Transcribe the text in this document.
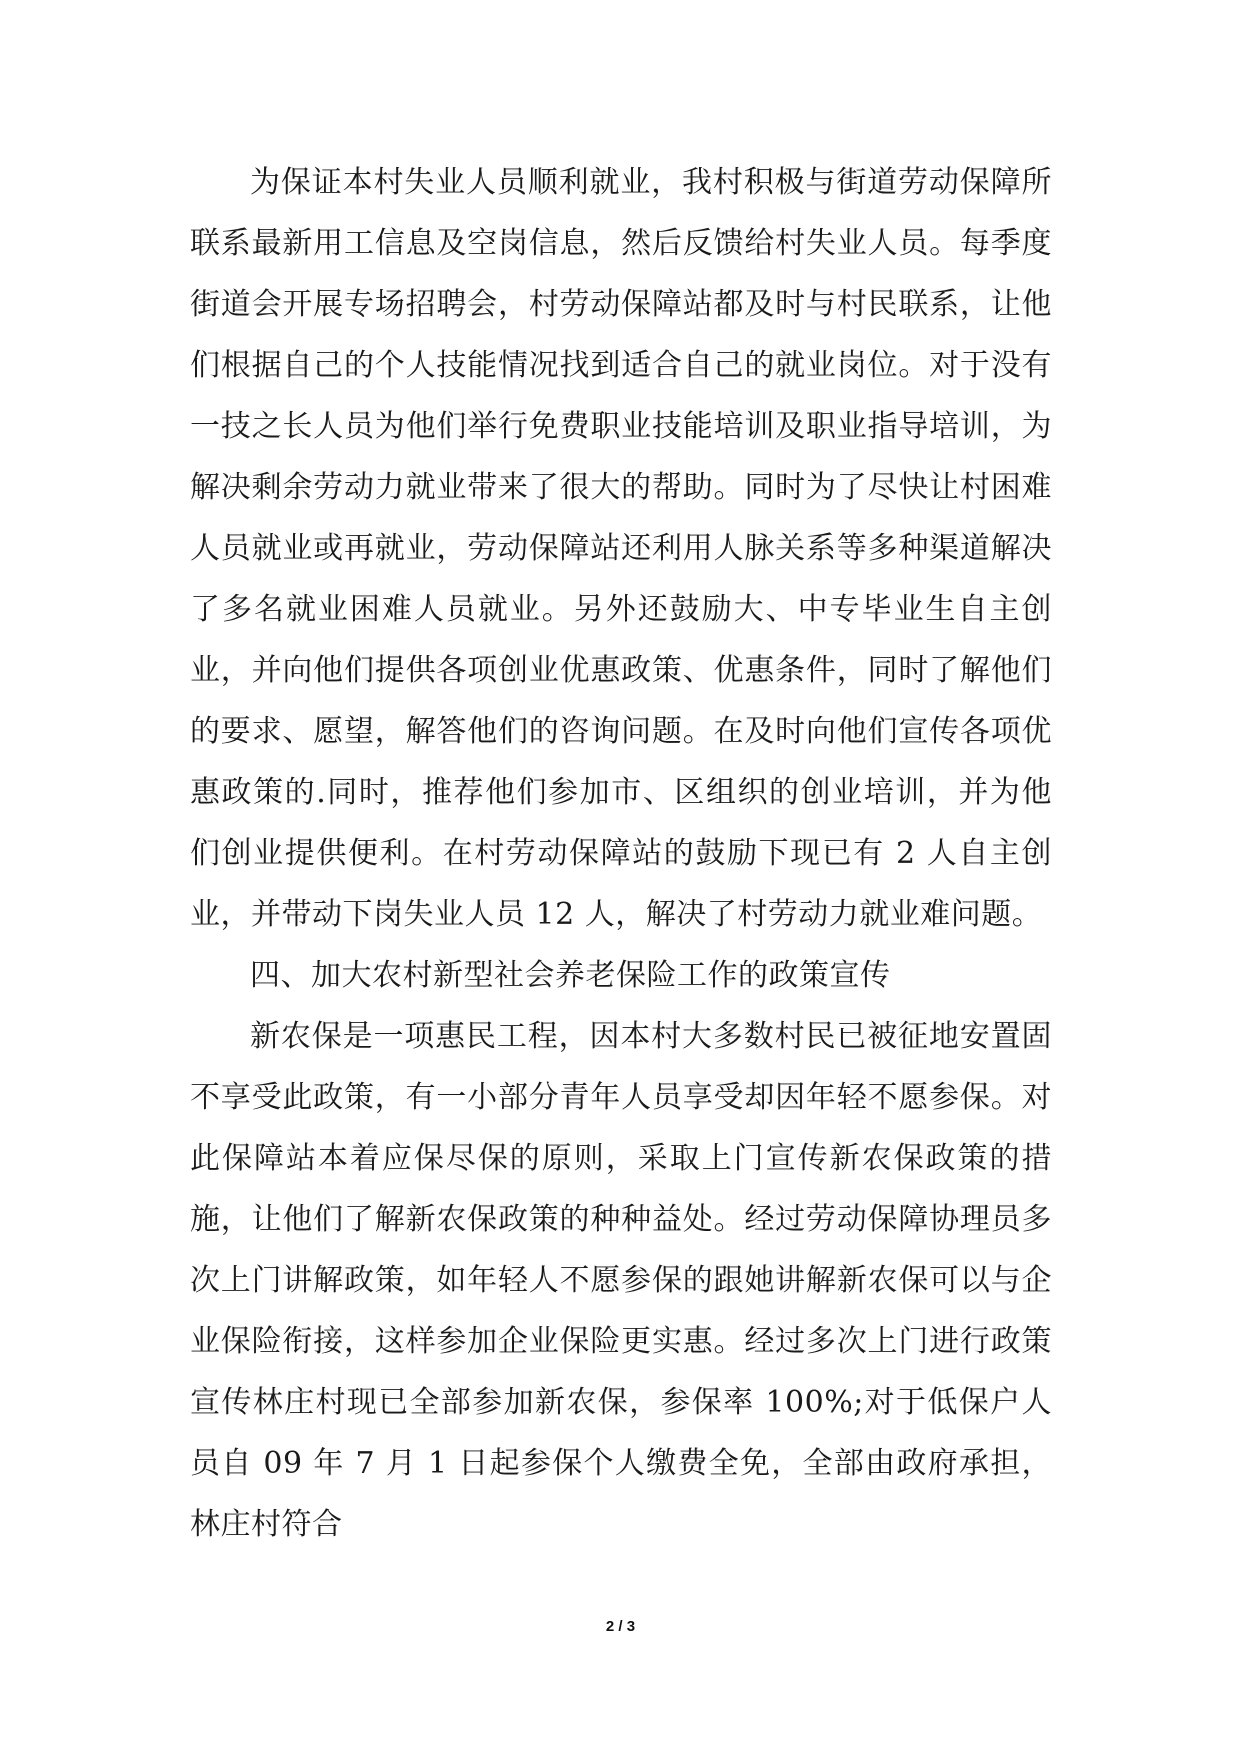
为保证本村失业人员顺利就业，我村积极与街道劳动保障所联系最新用工信息及空岗信息，然后反馈给村失业人员。每季度街道会开展专场招聘会，村劳动保障站都及时与村民联系，让他们根据自己的个人技能情况找到适合自己的就业岗位。对于没有一技之长人员为他们举行免费职业技能培训及职业指导培训，为解决剩余劳动力就业带来了很大的帮助。同时为了尽快让村困难人员就业或再就业，劳动保障站还利用人脉关系等多种渠道解决了多名就业困难人员就业。另外还鼓励大、中专毕业生自主创业，并向他们提供各项创业优惠政策、优惠条件，同时了解他们的要求、愿望，解答他们的咨询问题。在及时向他们宣传各项优惠政策的.同时，推荐他们参加市、区组织的创业培训，并为他们创业提供便利。在村劳动保障站的鼓励下现已有 2 人自主创业，并带动下岗失业人员 12 人，解决了村劳动力就业难问题。

四、加大农村新型社会养老保险工作的政策宣传

新农保是一项惠民工程，因本村大多数村民已被征地安置固不享受此政策，有一小部分青年人员享受却因年轻不愿参保。对此保障站本着应保尽保的原则，采取上门宣传新农保政策的措施，让他们了解新农保政策的种种益处。经过劳动保障协理员多次上门讲解政策，如年轻人不愿参保的跟她讲解新农保可以与企业保险衔接，这样参加企业保险更实惠。经过多次上门进行政策宣传林庄村现已全部参加新农保，参保率 100%;对于低保户人员自 09 年 7 月 1 日起参保个人缴费全免，全部由政府承担，林庄村符合

2 / 3
